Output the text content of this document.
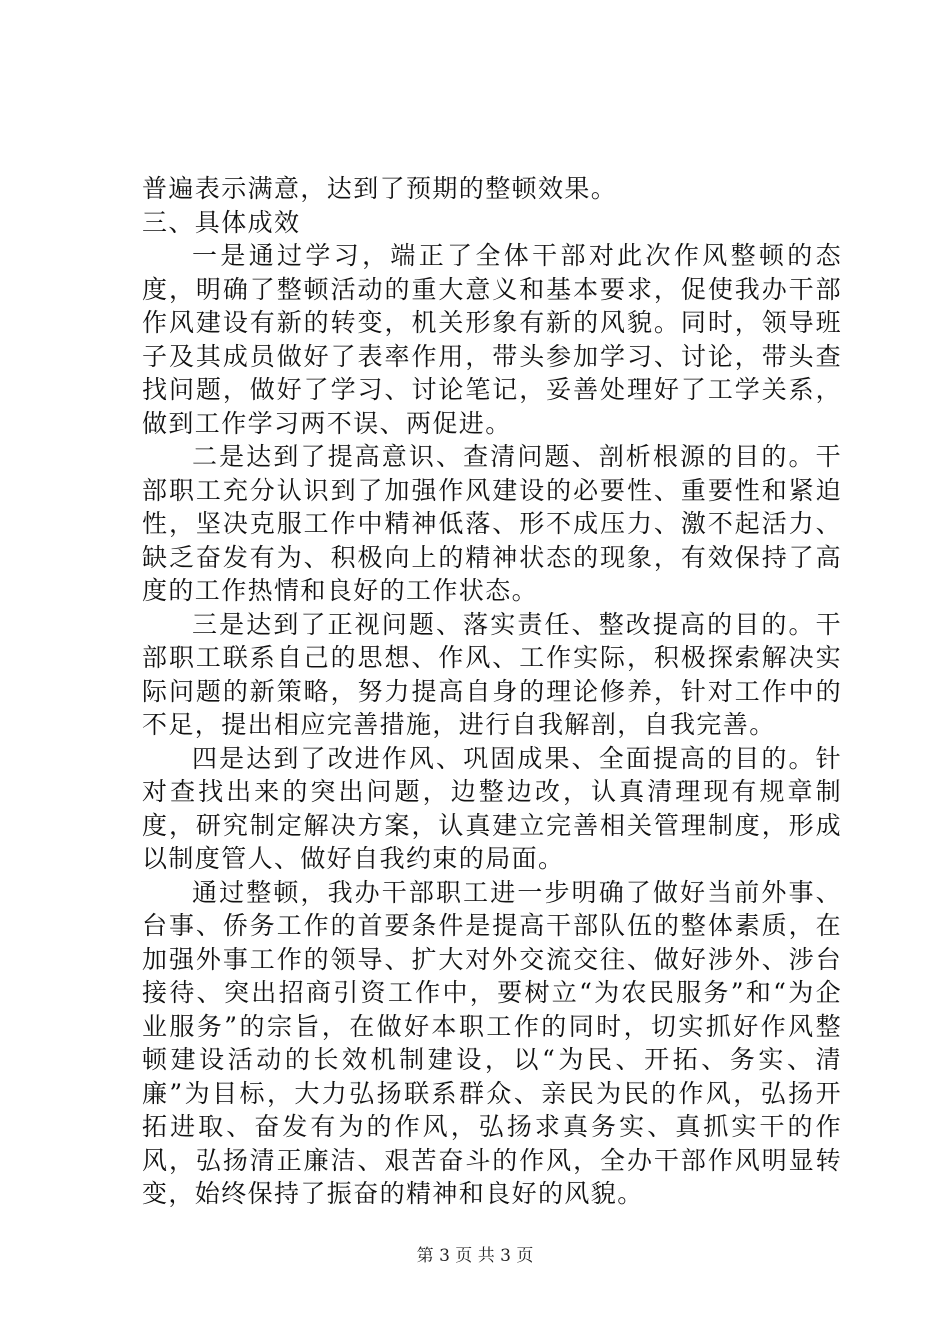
普遍表示满意，达到了预期的整顿效果。

三、具体成效

一是通过学习，端正了全体干部对此次作风整顿的态度，明确了整顿活动的重大意义和基本要求，促使我办干部作风建设有新的转变，机关形象有新的风貌。同时，领导班子及其成员做好了表率作用，带头参加学习、讨论，带头查找问题，做好了学习、讨论笔记，妥善处理好了工学关系，做到工作学习两不误、两促进。

二是达到了提高意识、查清问题、剖析根源的目的。干部职工充分认识到了加强作风建设的必要性、重要性和紧迫性，坚决克服工作中精神低落、形不成压力、激不起活力、缺乏奋发有为、积极向上的精神状态的现象，有效保持了高度的工作热情和良好的工作状态。

三是达到了正视问题、落实责任、整改提高的目的。干部职工联系自己的思想、作风、工作实际，积极探索解决实际问题的新策略，努力提高自身的理论修养，针对工作中的不足，提出相应完善措施，进行自我解剖，自我完善。

四是达到了改进作风、巩固成果、全面提高的目的。针对查找出来的突出问题，边整边改，认真清理现有规章制度，研究制定解决方案，认真建立完善相关管理制度，形成以制度管人、做好自我约束的局面。

通过整顿，我办干部职工进一步明确了做好当前外事、台事、侨务工作的首要条件是提高干部队伍的整体素质，在加强外事工作的领导、扩大对外交流交往、做好涉外、涉台接待、突出招商引资工作中，要树立“为农民服务”和“为企业服务”的宗旨，在做好本职工作的同时，切实抓好作风整顿建设活动的长效机制建设，以“为民、开拓、务实、清廉”为目标，大力弘扬联系群众、亲民为民的作风，弘扬开拓进取、奋发有为的作风，弘扬求真务实、真抓实干的作风，弘扬清正廉洁、艰苦奋斗的作风，全办干部作风明显转变，始终保持了振奋的精神和良好的风貌。

第 3 页 共 3 页
